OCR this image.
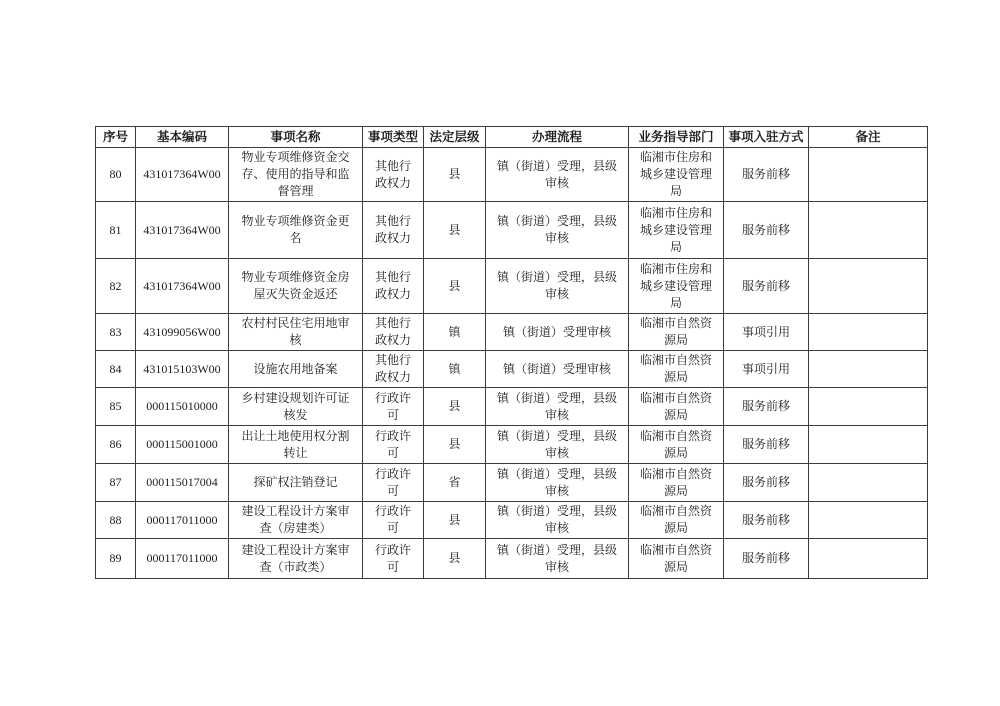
序号	基本编码	事项名称	事项类型	法定层级	办理流程	业务指导部门	事项入驻方式	备注
80	431017364W00	物业专项维修资金交存、使用的指导和监督管理	其他行政权力	县	镇（街道）受理，县级审核	临湘市住房和城乡建设管理局	服务前移	
81	431017364W00	物业专项维修资金更名	其他行政权力	县	镇（街道）受理，县级审核	临湘市住房和城乡建设管理局	服务前移	
82	431017364W00	物业专项维修资金房屋灭失资金返还	其他行政权力	县	镇（街道）受理，县级审核	临湘市住房和城乡建设管理局	服务前移	
83	431099056W00	农村村民住宅用地审核	其他行政权力	镇	镇（街道）受理审核	临湘市自然资源局	事项引用	
84	431015103W00	设施农用地备案	其他行政权力	镇	镇（街道）受理审核	临湘市自然资源局	事项引用	
85	000115010000	乡村建设规划许可证核发	行政许可	县	镇（街道）受理，县级审核	临湘市自然资源局	服务前移	
86	000115001000	出让土地使用权分割转让	行政许可	县	镇（街道）受理，县级审核	临湘市自然资源局	服务前移	
87	000115017004	探矿权注销登记	行政许可	省	镇（街道）受理，县级审核	临湘市自然资源局	服务前移	
88	000117011000	建设工程设计方案审查（房建类）	行政许可	县	镇（街道）受理，县级审核	临湘市自然资源局	服务前移	
89	000117011000	建设工程设计方案审查（市政类）	行政许可	县	镇（街道）受理，县级审核	临湘市自然资源局	服务前移	
